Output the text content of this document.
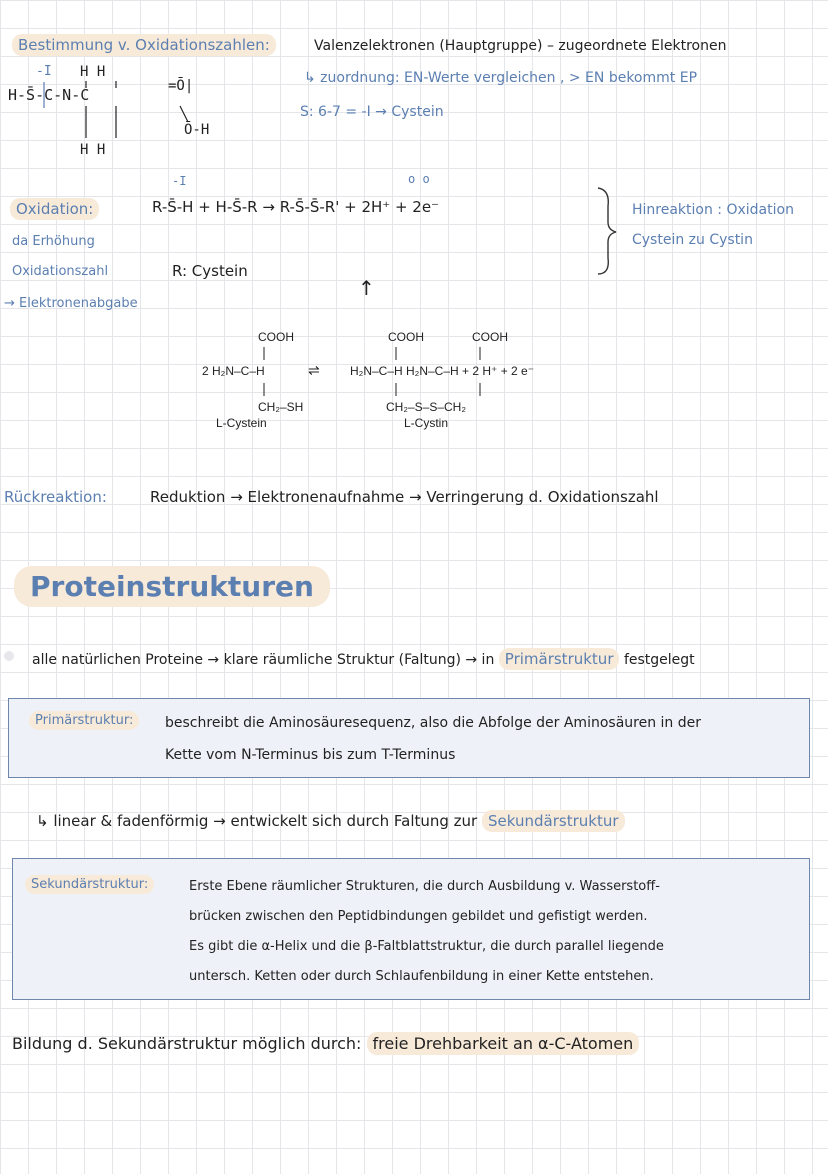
Bestimmung v. Oxidationszahlen:	Valenzelektronen (Hauptgruppe) – zugeordnete Elektronen
↳ zuordnung: EN-Werte vergleichen , > EN bekommt EP
S: 6-7 = -I → Cystein
-I H H
H-S̄-C-N-C	=Ō|
Ō-H
H H
Oxidation:
da Erhöhung
Oxidationszahl
→ Elektronenabgabe
-I	o o
R-S̄-H + H-S̄-R → R-S̄-S̄-R' + 2H⁺ + 2e⁻
R: Cystein
↑
Hinreaktion : Oxidation
Cystein zu Cystin
COOH	COOH	COOH
2 H₂N–C–H	⇌	H₂N–C–H H₂N–C–H + 2 H⁺ + 2 e⁻
CH₂–SH	CH₂–S–S–CH₂
L-Cystein	L-Cystin
Rückreaktion:	Reduktion → Elektronenaufnahme → Verringerung d. Oxidationszahl
Proteinstrukturen
alle natürlichen Proteine → klare räumliche Struktur (Faltung) → in Primärstruktur festgelegt
Primärstruktur:	beschreibt die Aminosäuresequenz, also die Abfolge der Aminosäuren in der
Kette vom N-Terminus bis zum T-Terminus
↳ linear & fadenförmig → entwickelt sich durch Faltung zur Sekundärstruktur
Sekundärstruktur:	Erste Ebene räumlicher Strukturen, die durch Ausbildung v. Wasserstoff-
brücken zwischen den Peptidbindungen gebildet und gefistigt werden.
Es gibt die α-Helix und die β-Faltblattstruktur, die durch parallel liegende
untersch. Ketten oder durch Schlaufenbildung in einer Kette entstehen.
Bildung d. Sekundärstruktur möglich durch: freie Drehbarkeit an α-C-Atomen
